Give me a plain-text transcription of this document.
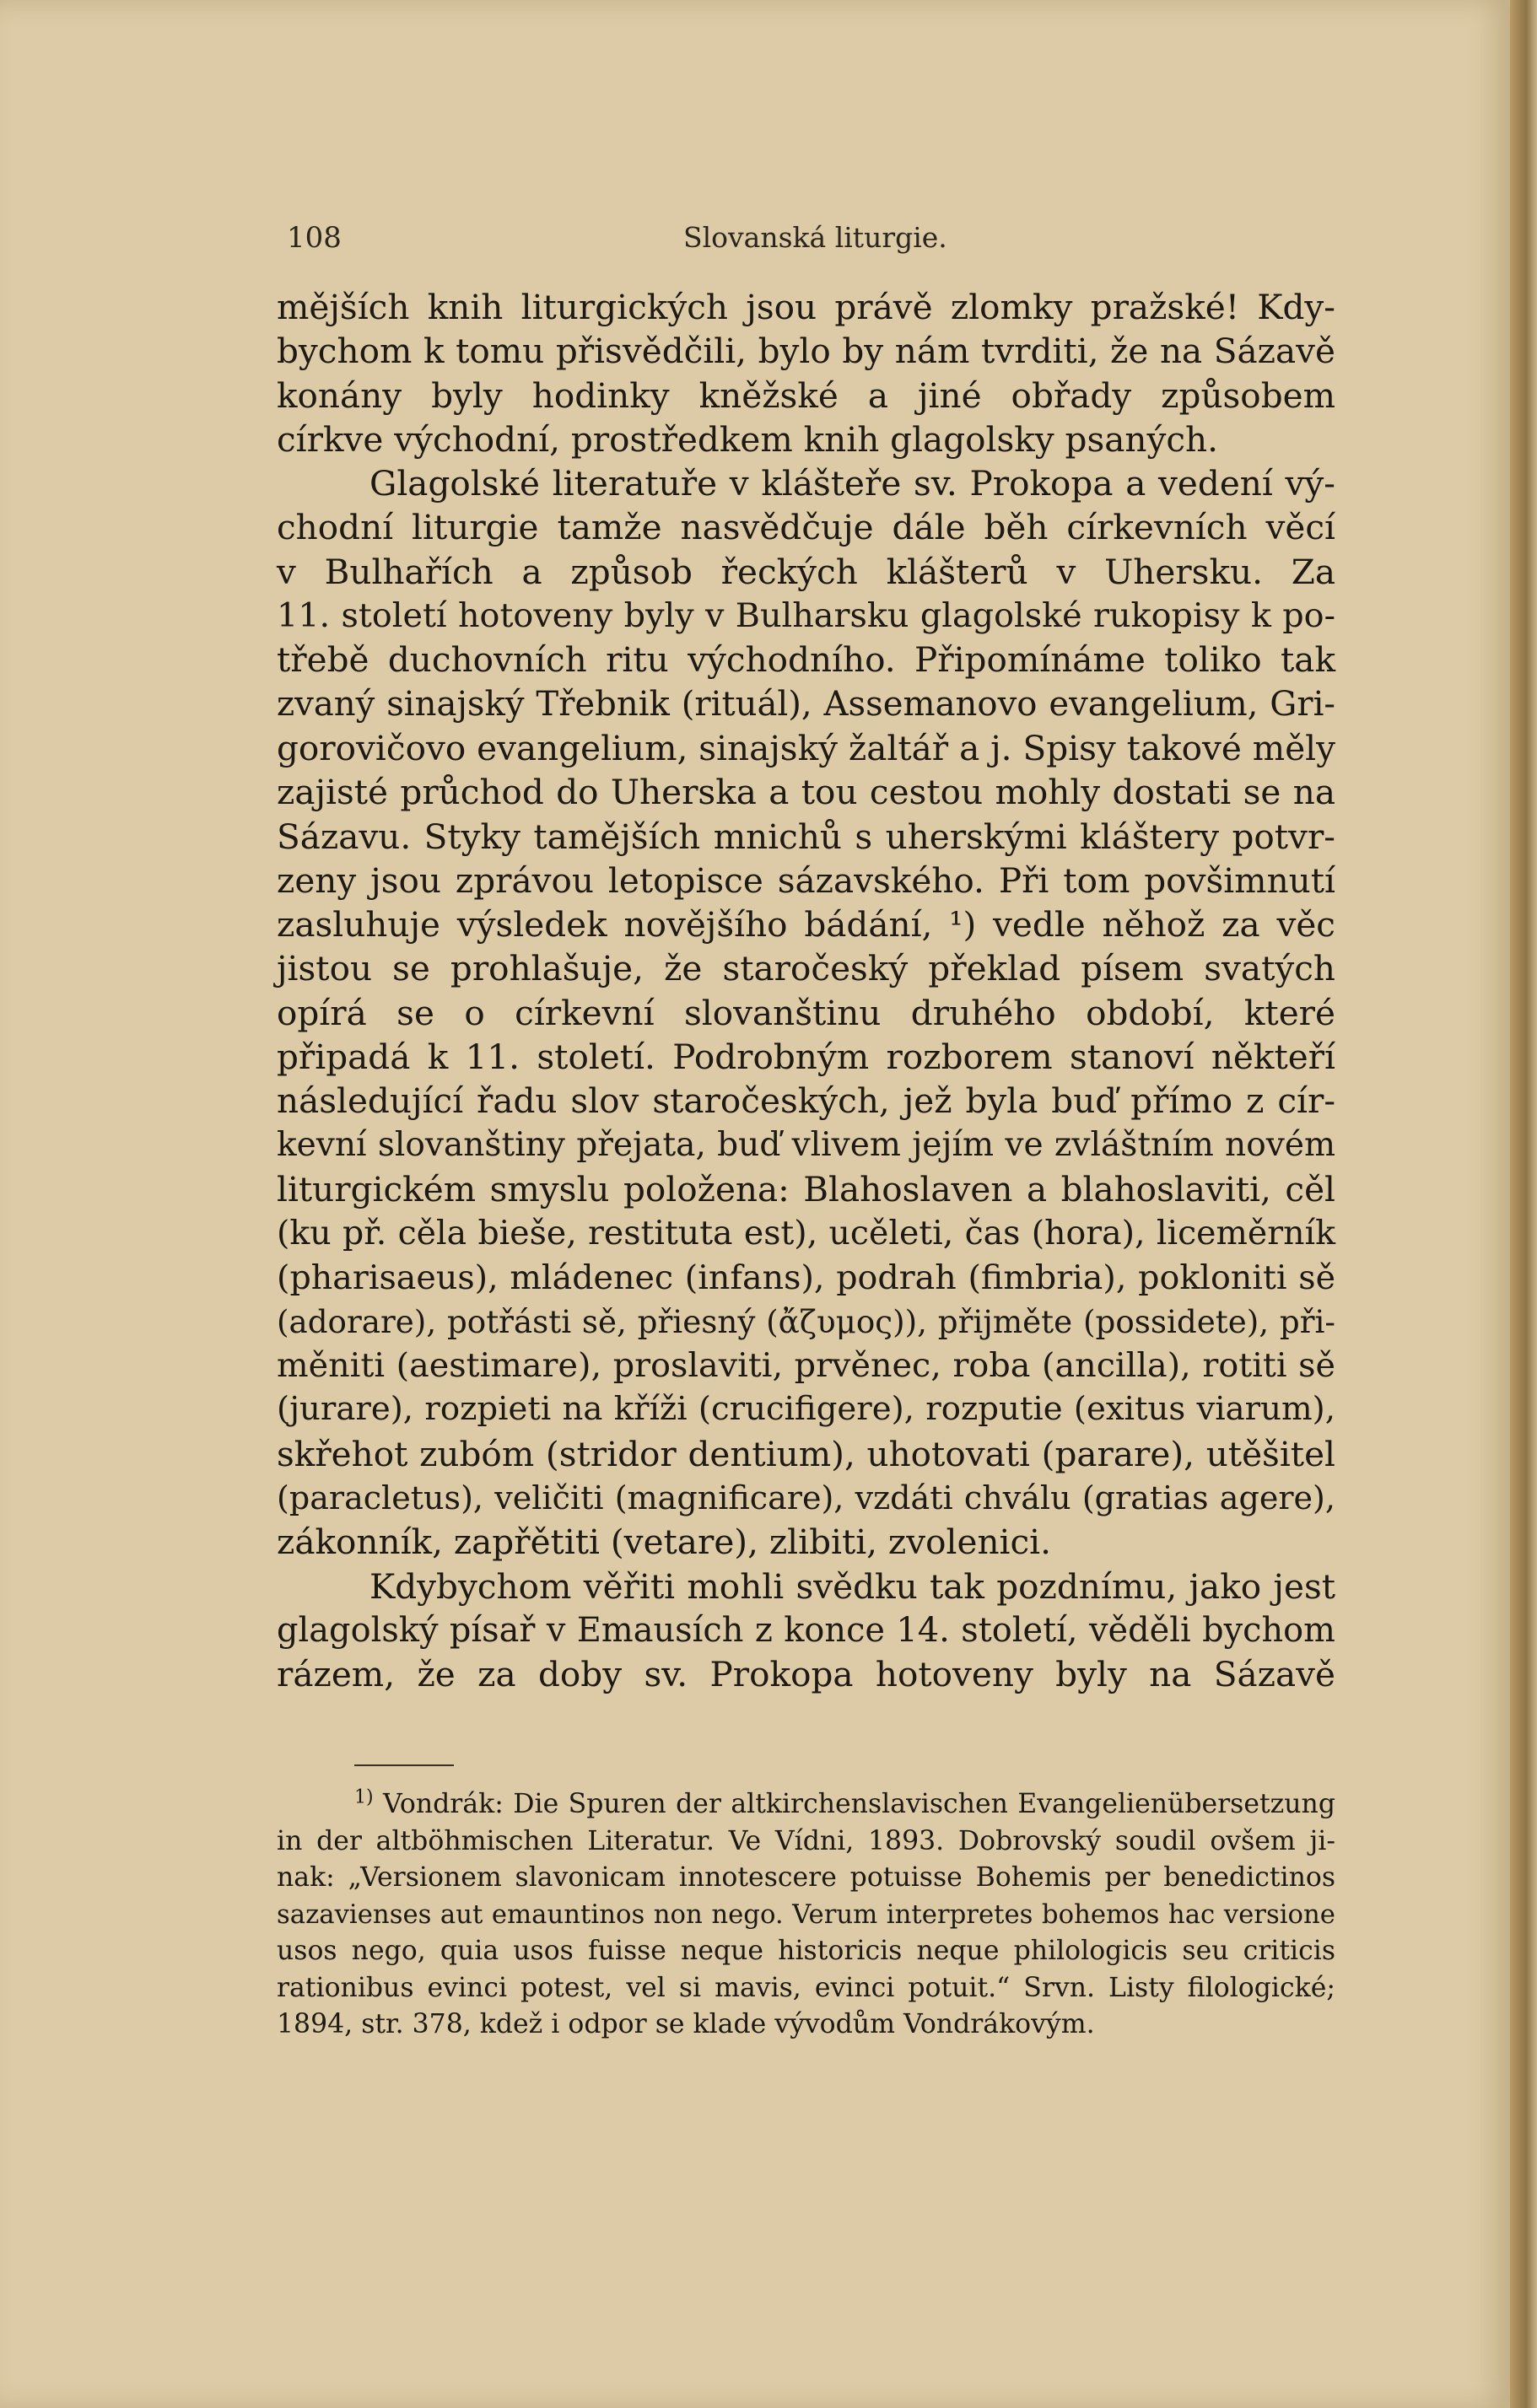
108	Slovanská liturgie.
mějších knih liturgických jsou právě zlomky pražské! Kdy-
bychom k tomu přisvědčili, bylo by nám tvrditi, že na Sázavě
konány byly hodinky kněžské a jiné obřady způsobem
církve východní, prostředkem knih glagolsky psaných.
Glagolské literatuře v klášteře sv. Prokopa a vedení vý-
chodní liturgie tamže nasvědčuje dále běh církevních věcí
v Bulhařích a způsob řeckých klášterů v Uhersku. Za
11. století hotoveny byly v Bulharsku glagolské rukopisy k po-
třebě duchovních ritu východního. Připomínáme toliko tak
zvaný sinajský Třebnik (rituál), Assemanovo evangelium, Gri-
gorovičovo evangelium, sinajský žaltář a j. Spisy takové měly
zajisté průchod do Uherska a tou cestou mohly dostati se na
Sázavu. Styky tamějších mnichů s uherskými kláštery potvr-
zeny jsou zprávou letopisce sázavského. Při tom povšimnutí
zasluhuje výsledek novějšího bádání, ¹) vedle něhož za věc
jistou se prohlašuje, že staročeský překlad písem svatých
opírá se o církevní slovanštinu druhého období, které
připadá k 11. století. Podrobným rozborem stanoví někteří
následující řadu slov staročeských, jež byla buď přímo z cír-
kevní slovanštiny přejata, buď vlivem jejím ve zvláštním novém
liturgickém smyslu položena: Blahoslaven a blahoslaviti, cěl
(ku př. cěla bieše, restituta est), ucěleti, čas (hora), liceměrník
(pharisaeus), mládenec (infans), podrah (fimbria), pokloniti sě
(adorare), potřásti sě, přiesný (ἄζυμος)), přijměte (possidete), při-
měniti (aestimare), proslaviti, prvěnec, roba (ancilla), rotiti sě
(jurare), rozpieti na kříži (crucifigere), rozputie (exitus viarum),
skřehot zubóm (stridor dentium), uhotovati (parare), utěšitel
(paracletus), veličiti (magnificare), vzdáti chválu (gratias agere),
zákonník, zapřětiti (vetare), zlibiti, zvolenici.
Kdybychom věřiti mohli svědku tak pozdnímu, jako jest
glagolský písař v Emausích z konce 14. století, věděli bychom
rázem, že za doby sv. Prokopa hotoveny byly na Sázavě
$^{1)}$ Vondrák: Die Spuren der altkirchenslavischen Evangelienübersetzung
in der altböhmischen Literatur. Ve Vídni, 1893. Dobrovský soudil ovšem ji-
nak: „Versionem slavonicam innotescere potuisse Bohemis per benedictinos
sazavienses aut emauntinos non nego. Verum interpretes bohemos hac versione
usos nego, quia usos fuisse neque historicis neque philologicis seu criticis
rationibus evinci potest, vel si mavis, evinci potuit.“ Srvn. Listy filologické;
1894, str. 378, kdež i odpor se klade vývodům Vondrákovým.
